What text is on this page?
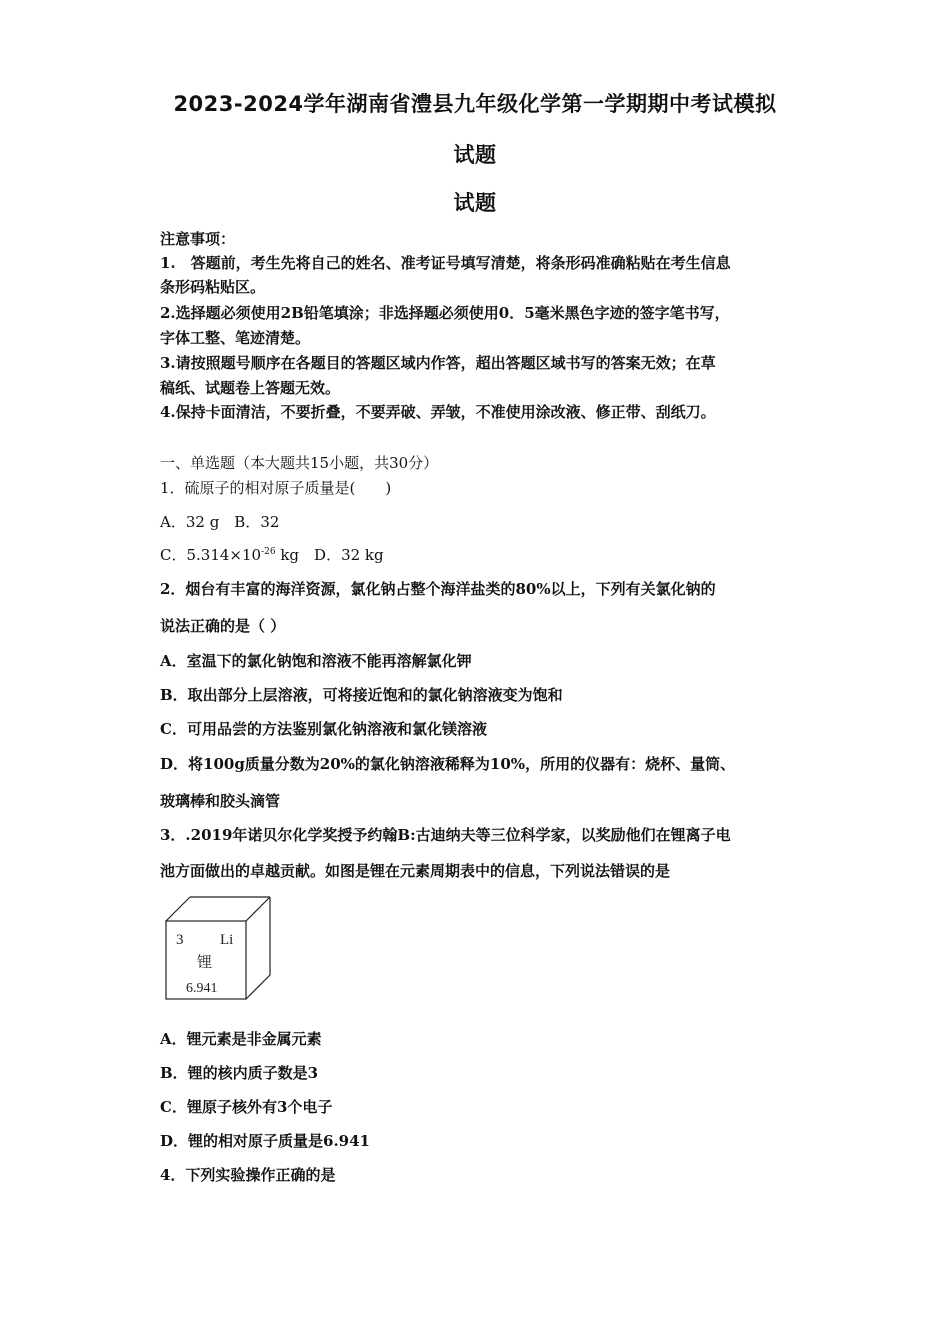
2023-2024学年湖南省澧县九年级化学第一学期期中考试模拟
试题
试题
注意事项：
1.　答题前，考生先将自己的姓名、准考证号填写清楚，将条形码准确粘贴在考生信息
条形码粘贴区。
2.选择题必须使用2B铅笔填涂；非选择题必须使用0．5毫米黑色字迹的签字笔书写，
字体工整、笔迹清楚。
3.请按照题号顺序在各题目的答题区域内作答，超出答题区域书写的答案无效；在草
稿纸、试题卷上答题无效。
4.保持卡面清洁，不要折叠，不要弄破、弄皱，不准使用涂改液、修正带、刮纸刀。
一、单选题（本大题共15小题，共30分）
1．硫原子的相对原子质量是(　　)
A．32 g　B．32
C．$5.314\times 10^{-26}$ kg　D．32 kg
2．烟台有丰富的海洋资源，氯化钠占整个海洋盐类的80%以上，下列有关氯化钠的
说法正确的是（ ）
A．室温下的氯化钠饱和溶液不能再溶解氯化钾
B．取出部分上层溶液，可将接近饱和的氯化钠溶液变为饱和
C．可用品尝的方法鉴别氯化钠溶液和氯化镁溶液
D．将100g质量分数为20%的氯化钠溶液稀释为10%，所用的仪器有：烧杯、量筒、
玻璃棒和胶头滴管
3．.2019年诺贝尔化学奖授予约翰B:古迪纳夫等三位科学家，以奖励他们在锂离子电
池方面做出的卓越贡献。如图是锂在元素周期表中的信息，下列说法错误的是
3 Li
锂
6.941
A．锂元素是非金属元素
B．锂的核内质子数是3
C．锂原子核外有3个电子
D．锂的相对原子质量是6.941
4．下列实验操作正确的是
